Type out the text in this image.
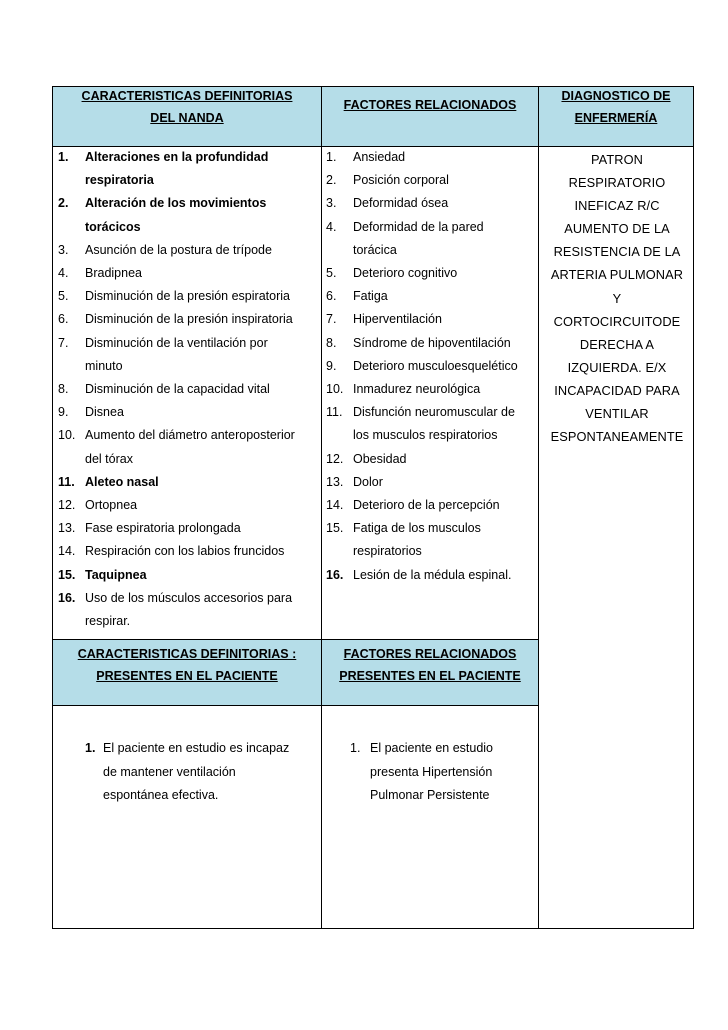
CARACTERISTICAS DEFINITORIAS
DEL NANDA
FACTORES RELACIONADOS
DIAGNOSTICO DE
ENFERMERÍA
CARACTERISTICAS DEFINITORIAS :
PRESENTES EN EL PACIENTE
FACTORES RELACIONADOS
PRESENTES EN EL PACIENTE
1. Alteraciones en la profundidad
respiratoria
2. Alteración de los movimientos
torácicos
3. Asunción de la postura de trípode
4. Bradipnea
5. Disminución de la presión espiratoria
6. Disminución de la presión inspiratoria
7. Disminución de la ventilación por
minuto
8. Disminución de la capacidad vital
9. Disnea
10. Aumento del diámetro anteroposterior
del tórax
11. Aleteo nasal
12. Ortopnea
13. Fase espiratoria prolongada
14. Respiración con los labios fruncidos
15. Taquipnea
16. Uso de los músculos accesorios para
respirar.
1. Ansiedad
2. Posición corporal
3. Deformidad ósea
4. Deformidad de la pared
torácica
5. Deterioro cognitivo
6. Fatiga
7. Hiperventilación
8. Síndrome de hipoventilación
9. Deterioro musculoesquelético
10. Inmadurez neurológica
11. Disfunción neuromuscular de
los musculos respiratorios
12. Obesidad
13. Dolor
14. Deterioro de la percepción
15. Fatiga de los musculos
respiratorios
16. Lesión de la médula espinal.
PATRON
RESPIRATORIO
INEFICAZ R/C
AUMENTO DE LA
RESISTENCIA DE LA
ARTERIA PULMONAR
Y
CORTOCIRCUITODE
DERECHA A
IZQUIERDA. E/X
INCAPACIDAD PARA
VENTILAR
ESPONTANEAMENTE
1. El paciente en estudio es incapaz
de mantener ventilación
espontánea efectiva.
1. El paciente en estudio
presenta Hipertensión
Pulmonar Persistente
